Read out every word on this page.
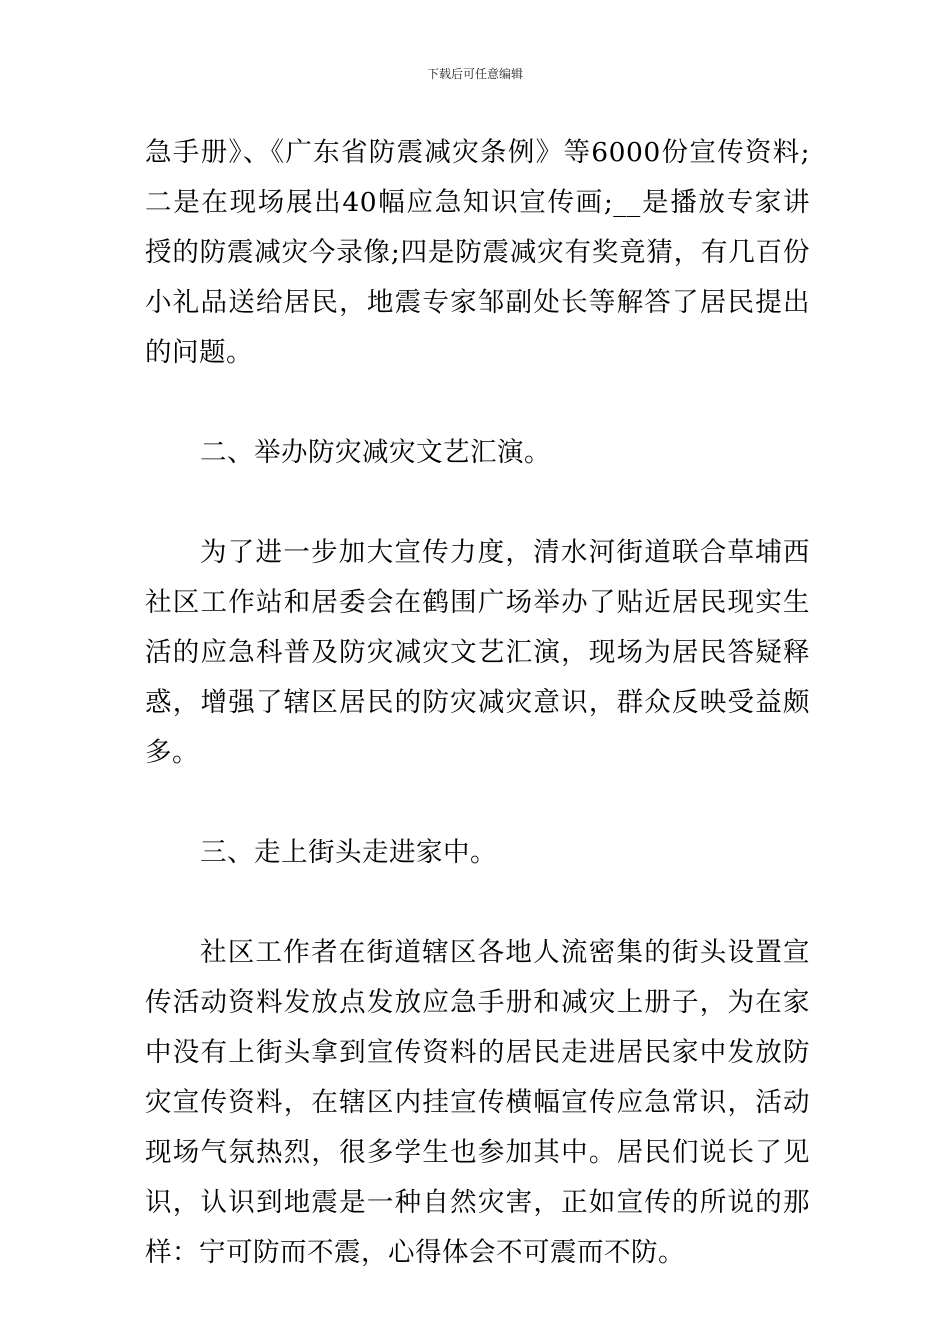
下载后可任意编辑

急手册》、《广东省防震减灾条例》等6000份宣传资料;二是在现场展出40幅应急知识宣传画;__是播放专家讲授的防震减灾今录像;四是防震减灾有奖竟猜，有几百份小礼品送给居民，地震专家邹副处长等解答了居民提出的问题。

二、举办防灾减灾文艺汇演。

为了进一步加大宣传力度，清水河街道联合草埔西社区工作站和居委会在鹤围广场举办了贴近居民现实生活的应急科普及防灾减灾文艺汇演，现场为居民答疑释惑，增强了辖区居民的防灾减灾意识，群众反映受益颇多。

三、走上街头走进家中。

社区工作者在街道辖区各地人流密集的街头设置宣传活动资料发放点发放应急手册和减灾上册子，为在家中没有上街头拿到宣传资料的居民走进居民家中发放防灾宣传资料，在辖区内挂宣传横幅宣传应急常识，活动现场气氛热烈，很多学生也参加其中。居民们说长了见识，认识到地震是一种自然灾害，正如宣传的所说的那样：宁可防而不震，心得体会不可震而不防。
